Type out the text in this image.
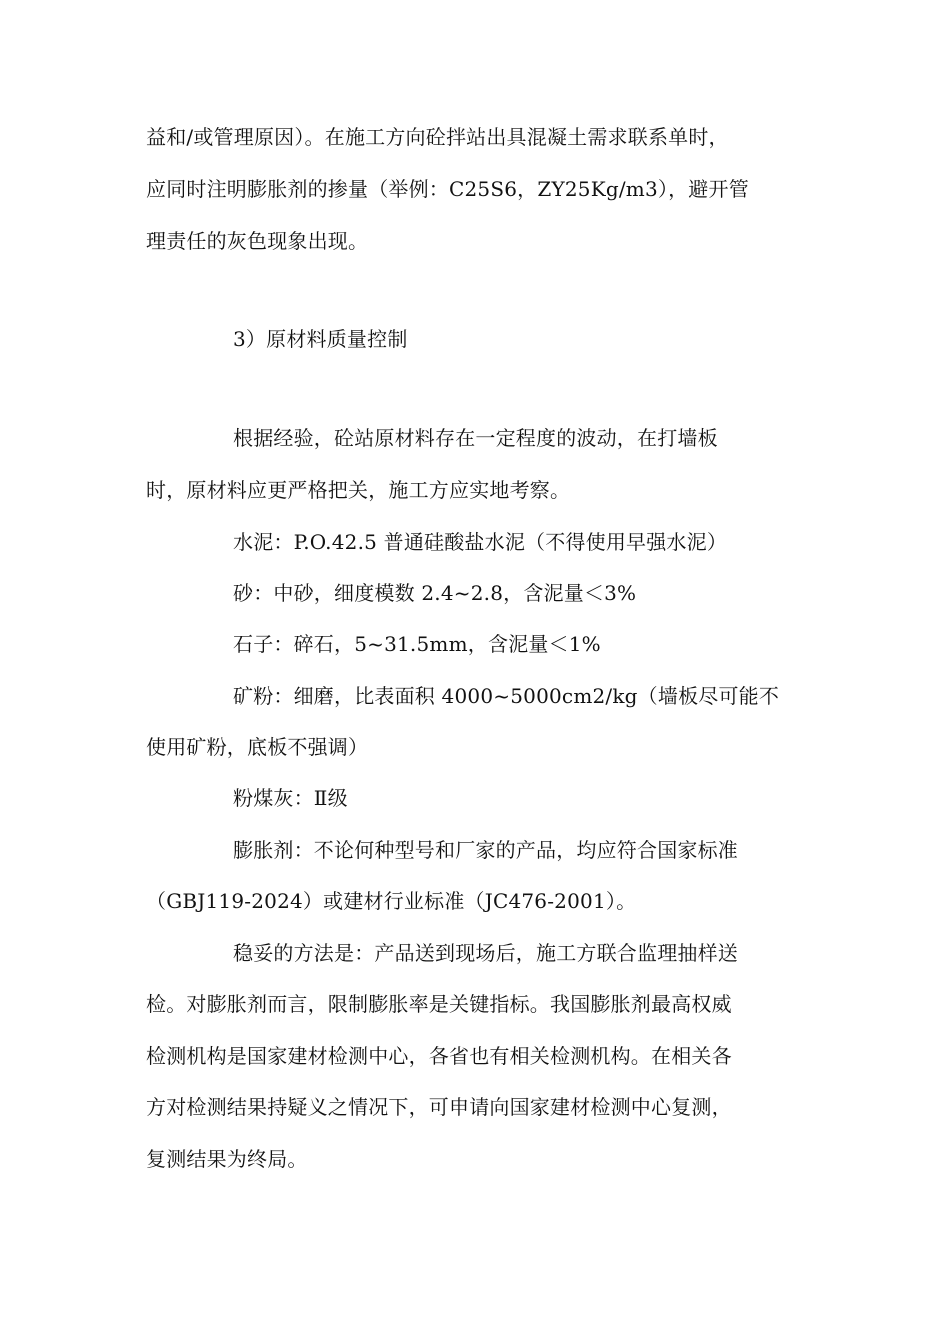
益和/或管理原因）。在施工方向砼拌站出具混凝土需求联系单时，
应同时注明膨胀剂的掺量（举例：C25S6，ZY25Kg/m3），避开管
理责任的灰色现象出现。
3）原材料质量控制
根据经验，砼站原材料存在一定程度的波动，在打墙板
时，原材料应更严格把关，施工方应实地考察。
水泥：P.O.42.5 普通硅酸盐水泥（不得使用早强水泥）
砂：中砂，细度模数 2.4~2.8，含泥量＜3%
石子：碎石，5~31.5mm，含泥量＜1%
矿粉：细磨，比表面积 4000~5000cm2/kg（墙板尽可能不
使用矿粉，底板不强调）
粉煤灰：Ⅱ级
膨胀剂：不论何种型号和厂家的产品，均应符合国家标准
（GBJ119-2024）或建材行业标准（JC476-2001）。
稳妥的方法是：产品送到现场后，施工方联合监理抽样送
检。对膨胀剂而言，限制膨胀率是关键指标。我国膨胀剂最高权威
检测机构是国家建材检测中心，各省也有相关检测机构。在相关各
方对检测结果持疑义之情况下，可申请向国家建材检测中心复测，
复测结果为终局。
